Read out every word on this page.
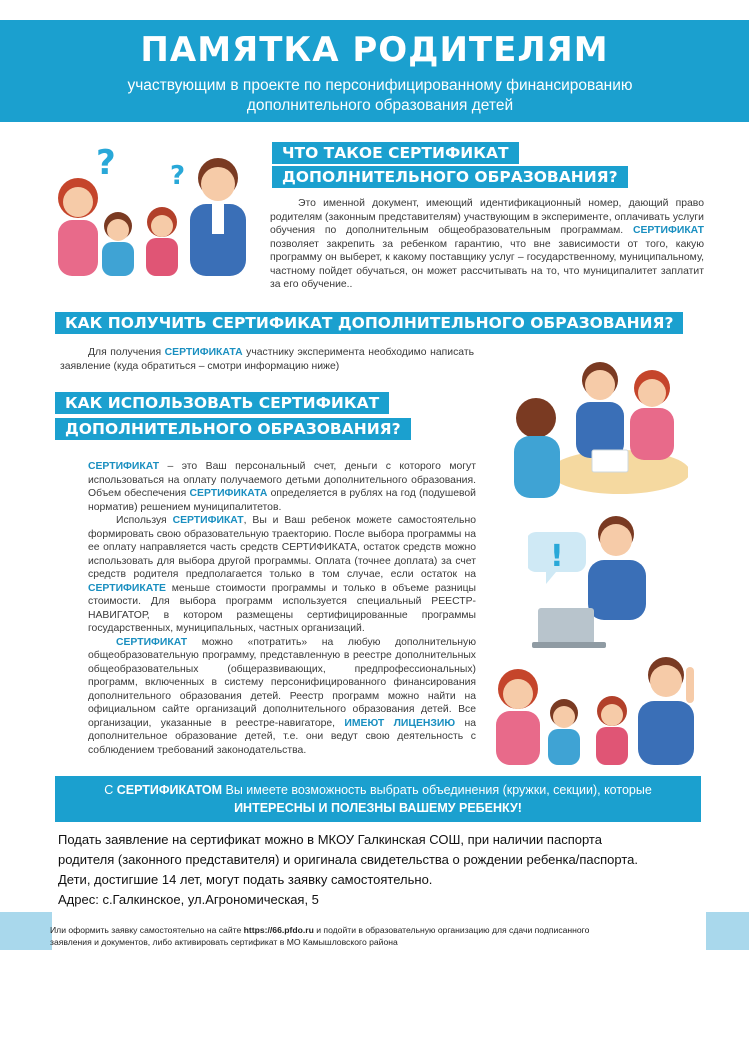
ПАМЯТКА РОДИТЕЛЯМ
участвующим в проекте по персонифицированному финансированию
дополнительного образования детей
? ?
ЧТО ТАКОЕ СЕРТИФИКАТ
ДОПОЛНИТЕЛЬНОГО ОБРАЗОВАНИЯ?

Это именной документ, имеющий идентификационный номер, дающий право родителям (законным представителям) участвующим в экспериментe, оплачивать услуги обучения по дополнительным общеобразовательным программам. СЕРТИФИКАТ позволяет закрепить за ребенком гарантию, что вне зависимости от того, какую программу он выберет, к какому поставщику услуг – государственному, муниципальному, частному пойдет обучаться, он может рассчитывать на то, что муниципалитет заплатит за его обучение..

КАК ПОЛУЧИТЬ СЕРТИФИКАТ ДОПОЛНИТЕЛЬНОГО ОБРАЗОВАНИЯ?

Для получения СЕРТИФИКАТА участнику эксперимента необходимо написать заявление (куда обратиться – смотри информацию ниже)

КАК ИСПОЛЬЗОВАТЬ СЕРТИФИКАТ
ДОПОЛНИТЕЛЬНОГО ОБРАЗОВАНИЯ?

СЕРТИФИКАТ – это Ваш персональный счет, деньги с которого могут использоваться на оплату получаемого детьми дополнительного образования. Объем обеспечения СЕРТИФИКАТА определяется в рублях на год (подушевой норматив) решением муниципалитетов.

Используя СЕРТИФИКАТ, Вы и Ваш ребенок можете самостоятельно формировать свою образовательную траекторию. После выбора программы на ее оплату направляется часть средств СЕРТИФИКАТА, остаток средств можно использовать для выбора другой программы. Оплата (точнее доплата) за счет средств родителя предполагается только в том случае, если остаток на СЕРТИФИКАТЕ меньше стоимости программы и только в объеме разницы стоимости. Для выбора программ используется специальный РЕЕСТР-НАВИГАТОР, в котором размещены сертифицированные программы государственных, муниципальных, частных организаций.

СЕРТИФИКАТ можно «потратить» на любую дополнительную общеобразовательную программу, представленную в реестре дополнительных общеобразовательных (общеразвивающих, предпрофессиональных) программ, включенных в систему персонифицированного финансирования дополнительного образования детей. Реестр программ можно найти на официальном сайте организаций дополнительного образования детей. Все организации, указанные в реестре-навигаторе, ИМЕЮТ ЛИЦЕНЗИЮ на дополнительное образование детей, т.е. они ведут свою деятельность с соблюдением требований законодательства.

!
С СЕРТИФИКАТОМ Вы имеете возможность выбрать объединения (кружки, секции), которые
ИНТЕРЕСНЫ И ПОЛЕЗНЫ ВАШЕМУ РЕБЕНКУ!
Подать заявление на сертификат можно в МКОУ Галкинская СОШ, при наличии паспорта
родителя (законного представителя) и оригинала свидетельства о рождении ребенка/паспорта.
Дети, достигшие 14 лет, могут подать заявку самостоятельно.
Адрес: с.Галкинское, ул.Агрономическая, 5
Или оформить заявку самостоятельно на сайте https://66.pfdo.ru и подойти в образовательную организацию для сдачи подписанного
заявления и документов, либо активировать сертификат в МО Камышловского района
